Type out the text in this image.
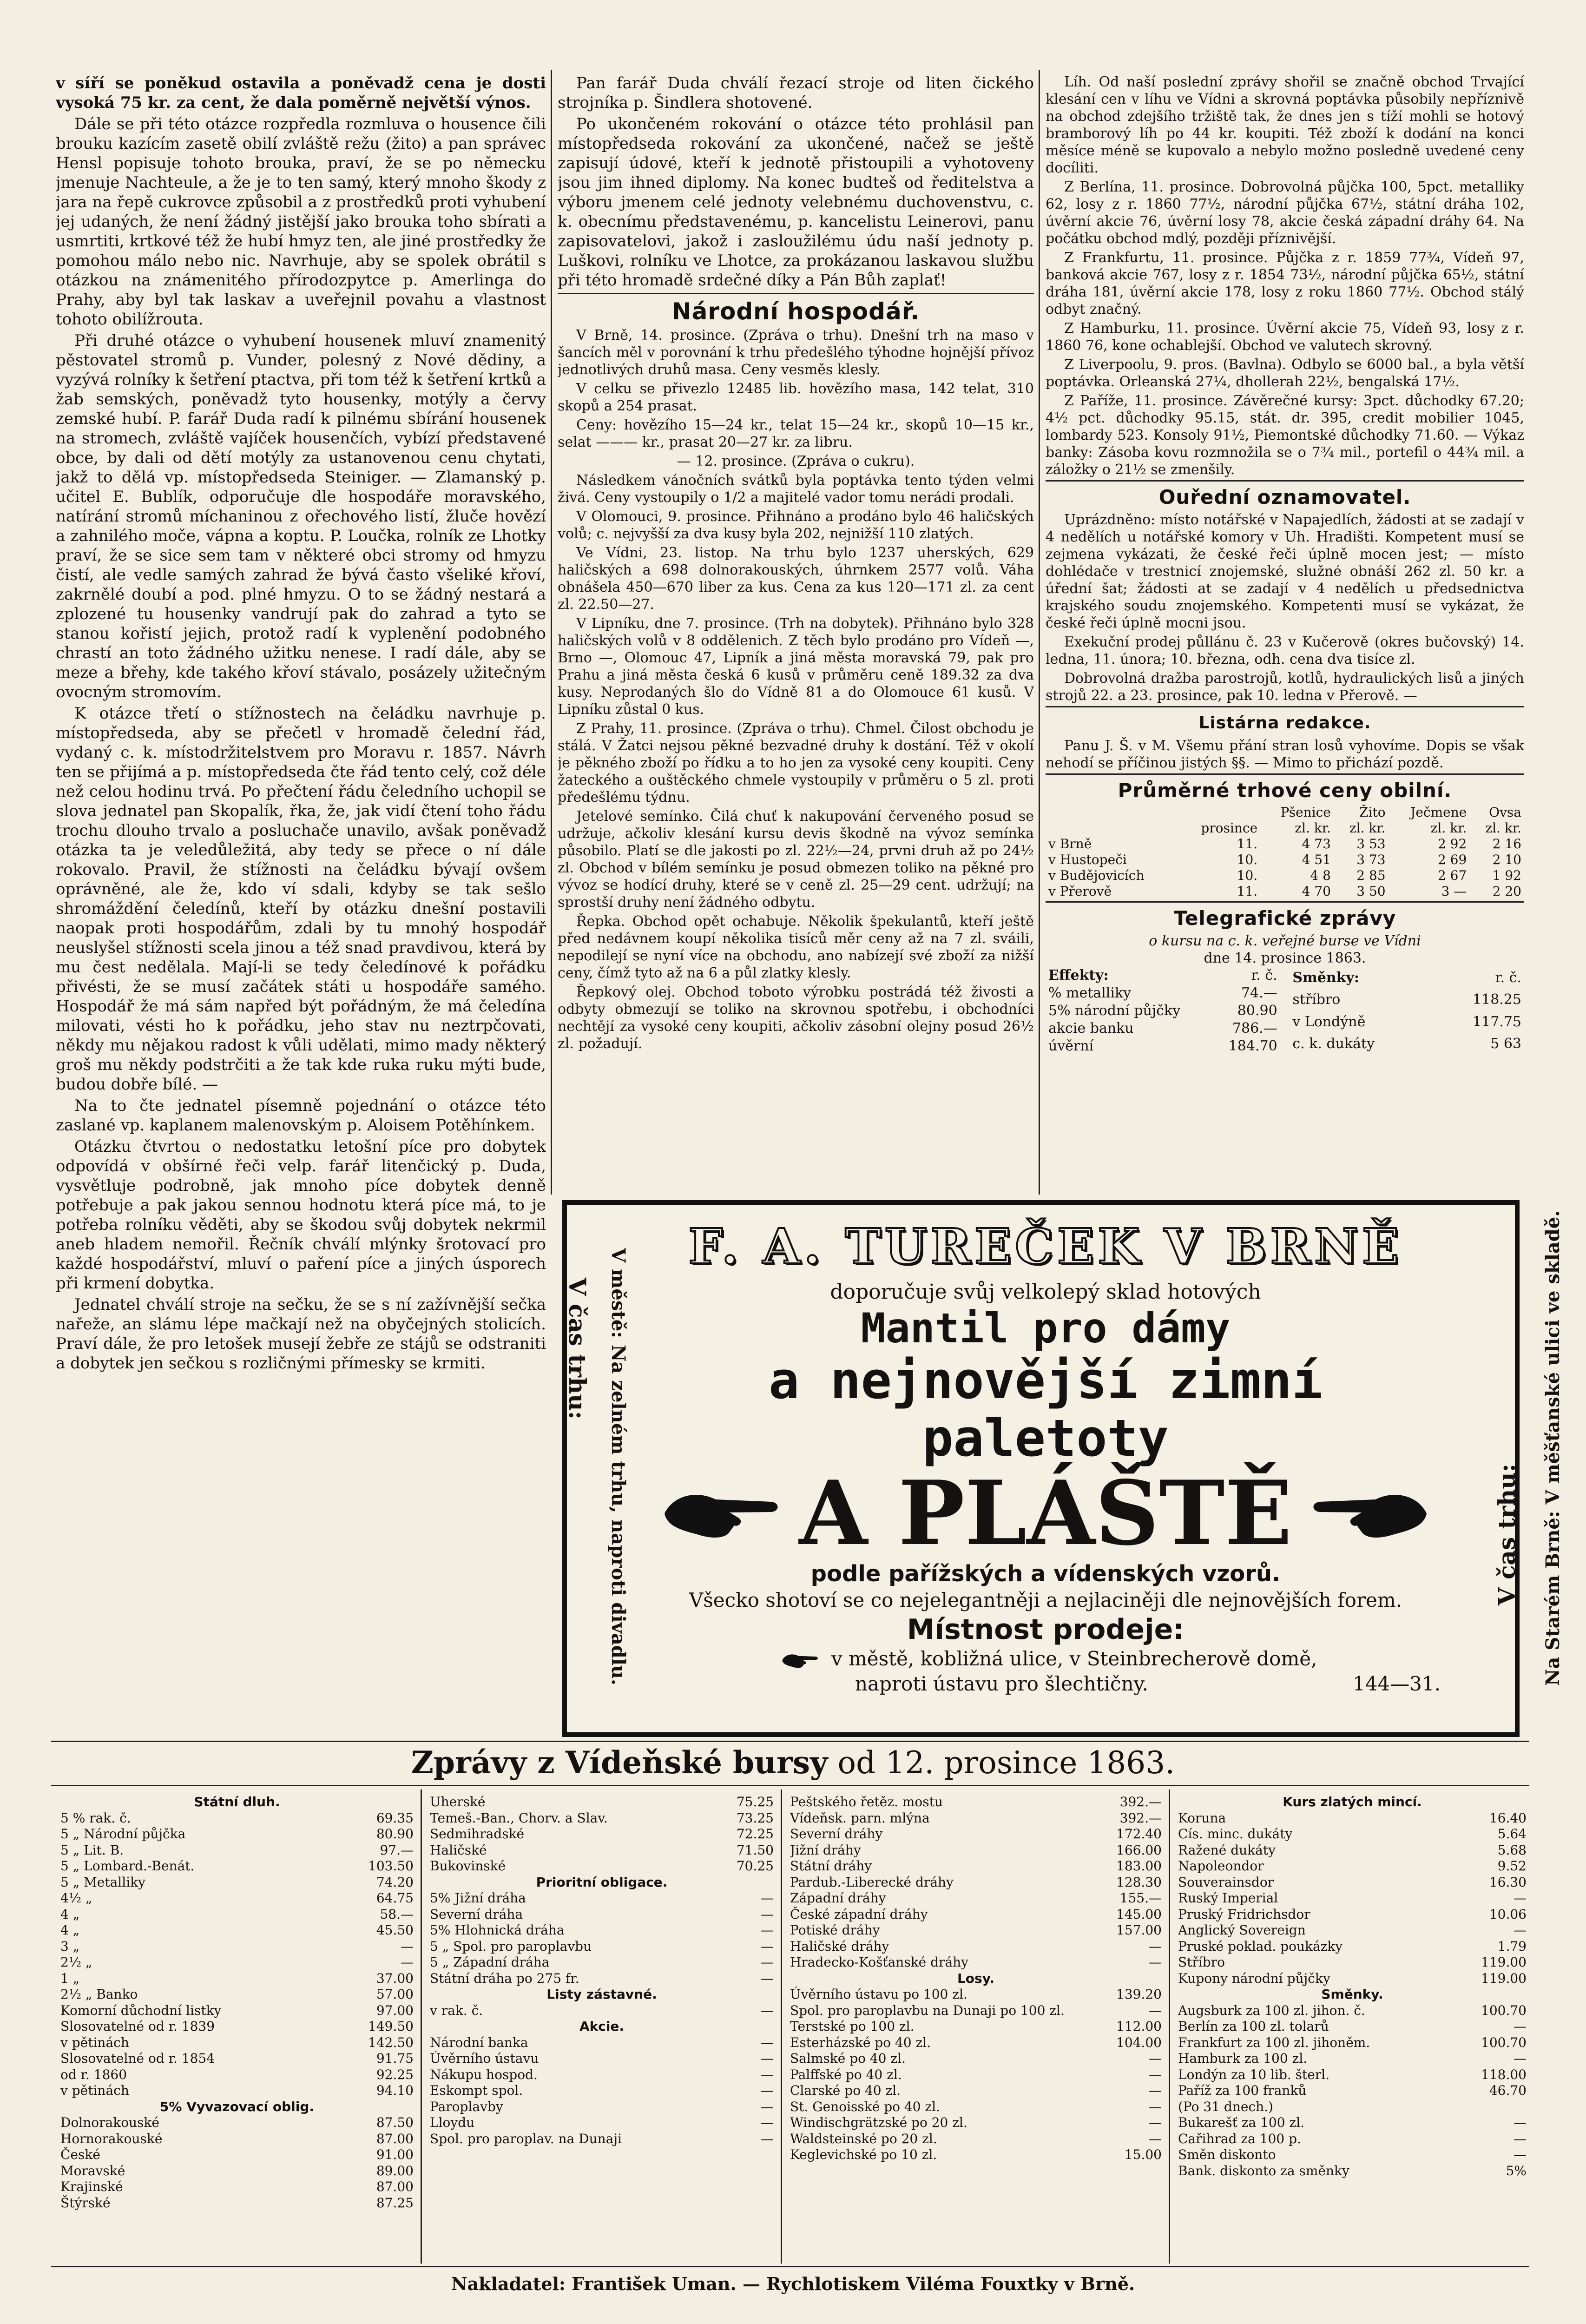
v síří se poněkud ostavila a poněvadž cena je dosti vysoká 75 kr. za cent, že dala poměrně největší výnos.

Dále se při této otázce rozpředla rozmluva o housence čili brouku kazícím zasetě obilí zvláště režu (žito) a pan správec Hensl popisuje tohoto brouka, praví, že se po německu jmenuje Nachteule, a že je to ten samý, který mnoho škody z jara na řepě cukrovce způsobil a z prostředků proti vyhubení jej udaných, že není žádný jistější jako brouka toho sbírati a usmrtiti, krtkové též že hubí hmyz ten, ale jiné prostředky že pomohou málo nebo nic. Navrhuje, aby se spolek obrátil s otázkou na známenitého přírodozpytce p. Amerlinga do Prahy, aby byl tak laskav a uveřejnil povahu a vlastnost tohoto obilížrouta.

Při druhé otázce o vyhubení housenek mluví znamenitý pěstovatel stromů p. Vunder, polesný z Nové dědiny, a vyzývá rolníky k šetření ptactva, při tom též k šetření krtků a žab semských, poněvadž tyto housenky, motýly a červy zemské hubí. P. farář Duda radí k pilnému sbírání housenek na stromech, zvláště vajíček housenčích, vybízí představené obce, by dali od dětí motýly za ustanovenou cenu chytati, jakž to dělá vp. místopředseda Steiniger. — Zlamanský p. učitel E. Bublík, odporučuje dle hospodáře moravského, natírání stromů míchaninou z ořechového listí, žluče hovězí a zahnilého moče, vápna a koptu. P. Loučka, rolník ze Lhotky praví, že se sice sem tam v některé obci stromy od hmyzu čistí, ale vedle samých zahrad že bývá často všeliké křoví, zakrnělé doubí a pod. plné hmyzu. O to se žádný nestará a zplozené tu housenky vandrují pak do zahrad a tyto se stanou kořistí jejich, protož radí k vyplenění podobného chrastí an toto žádného užitku nenese. I radí dále, aby se meze a břehy, kde takého křoví stávalo, posázely užitečným ovocným stromovím.

K otázce třetí o stížnostech na čeládku navrhuje p. místopředseda, aby se přečetl v hromadě čelední řád, vydaný c. k. místodržitelstvem pro Moravu r. 1857. Návrh ten se přijímá a p. místopředseda čte řád tento celý, což déle než celou hodinu trvá. Po přečtení řádu čeledního uchopil se slova jednatel pan Skopalík, řka, že, jak vidí čtení toho řádu trochu dlouho trvalo a posluchače unavilo, avšak poněvadž otázka ta je veledůležitá, aby tedy se přece o ní dále rokovalo. Pravil, že stížnosti na čeládku bývají ovšem oprávněné, ale že, kdo ví sdali, kdyby se tak sešlo shromáždění čeledínů, kteří by otázku dnešní postavili naopak proti hospodářům, zdali by tu mnohý hospodář neuslyšel stížnosti scela jinou a též snad pravdivou, která by mu čest nedělala. Mají-li se tedy čeledínové k pořádku přivésti, že se musí začátek státi u hospodáře samého. Hospodář že má sám napřed být pořádným, že má čeledína milovati, vésti ho k pořádku, jeho stav nu neztrpčovati, někdy mu nějakou radost k vůli udělati, mimo mady některý groš mu někdy podstrčiti a že tak kde ruka ruku mýti bude, budou dobře bílé. —

Na to čte jednatel písemně pojednání o otázce této zaslané vp. kaplanem malenovským p. Aloisem Potěhínkem.

Otázku čtvrtou o nedostatku letošní píce pro dobytek odpovídá v obšírné řeči velp. farář litenčický p. Duda, vysvětluje podrobně, jak mnoho píce dobytek denně potřebuje a pak jakou sennou hodnotu která píce má, to je potřeba rolníku věděti, aby se škodou svůj dobytek nekrmil aneb hladem nemořil. Řečník chválí mlýnky šrotovací pro každé hospodářství, mluví o paření píce a jiných úsporech při krmení dobytka.

Jednatel chválí stroje na sečku, že se s ní zažívnější sečka nařeže, an slámu lépe mačkají než na obyčejných stolicích. Praví dále, že pro letošek musejí žebře ze stájů se odstraniti a dobytek jen sečkou s rozličnými přímesky se krmiti.

Pan farář Duda chválí řezací stroje od liten čického strojníka p. Šindlera shotovené.

Po ukončeném rokování o otázce této prohlásil pan místopředseda rokování za ukončené, načež se ještě zapisují údové, kteří k jednotě přistoupili a vyhotoveny jsou jim ihned diplomy. Na konec budteš od ředitelstva a výboru jmenem celé jednoty velebnému duchovenstvu, c. k. obecnímu představenému, p. kancelistu Leinerovi, panu zapisovatelovi, jakož i zasloužilému údu naší jednoty p. Luškovi, rolníku ve Lhotce, za prokázanou laskavou službu při této hromadě srdečné díky a Pán Bůh zaplať!

Národní hospodář.

V Brně, 14. prosince. (Zpráva o trhu). Dnešní trh na maso v šancích měl v porovnání k trhu předešlého týhodne hojnější přívoz jednotlivých druhů masa. Ceny vesměs klesly.

V celku se přivezlo 12485 lib. hovězího masa, 142 telat, 310 skopů a 254 prasat.

Ceny: hovězího 15—24 kr., telat 15—24 kr., skopů 10—15 kr., selat ——— kr., prasat 20—27 kr. za libru.

— 12. prosince. (Zpráva o cukru).

Následkem vánočních svátků byla poptávka tento týden velmi živá. Ceny vystoupily o 1/2 a majitelé vador tomu nerádi prodali.

V Olomouci, 9. prosince. Přihnáno a prodáno bylo 46 haličských volů; c. nejvyšší za dva kusy byla 202, nejnižší 110 zlatých.

Ve Vídni, 23. listop. Na trhu bylo 1237 uherských, 629 haličských a 698 dolnorakouských, úhrnkem 2577 volů. Váha obnášela 450—670 liber za kus. Cena za kus 120—171 zl. za cent zl. 22.50—27.

V Lipníku, dne 7. prosince. (Trh na dobytek). Přihnáno bylo 328 haličských volů v 8 oddělenich. Z těch bylo prodáno pro Vídeň —, Brno —, Olomouc 47, Lipník a jiná města moravská 79, pak pro Prahu a jiná města česká 6 kusů v průměru ceně 189.32 za dva kusy. Neprodaných šlo do Vídně 81 a do Olomouce 61 kusů. V Lipníku zůstal 0 kus.

Z Prahy, 11. prosince. (Zpráva o trhu). Chmel. Čilost obchodu je stálá. V Žatci nejsou pěkné bezvadné druhy k dostání. Též v okolí je pěkného zboží po řídku a to ho jen za vysoké ceny koupiti. Ceny žateckého a ouštěckého chmele vystoupily v průměru o 5 zl. proti předešlému týdnu.

Jetelové semínko. Čilá chuť k nakupování červeného posud se udržuje, ačkoliv klesání kursu devis škodně na vývoz semínka působilo. Platí se dle jakosti po zl. 22½—24, prvni druh až po 24½ zl. Obchod v bílém semínku je posud obmezen toliko na pěkné pro vývoz se hodící druhy, které se v ceně zl. 25—29 cent. udržují; na sprostší druhy není žádného odbytu.

Řepka. Obchod opět ochabuje. Několik špekulantů, kteří ještě před nedávnem koupí několika tisíců měr ceny až na 7 zl. sváili, nepodilejí se nyní více na obchodu, ano nabízejí své zboží za nižší ceny, čímž tyto až na 6 a půl zlatky klesly.

Řepkový olej. Obchod toboto výrobku postrádá též živosti a odbyty obmezují se toliko na skrovnou spotřebu, i obchodníci nechtějí za vysoké ceny koupiti, ačkoliv zásobní olejny posud 26½ zl. požadují.

Líh. Od naší poslední zprávy shořil se značně obchod Trvající klesání cen v líhu ve Vídni a skrovná poptávka působily nepříznivě na obchod zdejšího tržiště tak, že dnes jen s tíží mohli se hotový bramborový líh po 44 kr. koupiti. Též zboží k dodání na konci měsíce méně se kupovalo a nebylo možno posledně uvedené ceny docíliti.

Z Berlína, 11. prosince. Dobrovolná půjčka 100, 5pct. metalliky 62, losy z r. 1860 77½, národní půjčka 67½, státní dráha 102, úvěrní akcie 76, úvěrní losy 78, akcie česká západní dráhy 64. Na počátku obchod mdlý, později příznivější.

Z Frankfurtu, 11. prosince. Půjčka z r. 1859 77¾, Vídeň 97, banková akcie 767, losy z r. 1854 73½, národní půjčka 65½, státní dráha 181, úvěrní akcie 178, losy z roku 1860 77½. Obchod stálý odbyt značný.

Z Hamburku, 11. prosince. Úvěrní akcie 75, Vídeň 93, losy z r. 1860 76, kone ochablejší. Obchod ve valutech skrovný.

Z Liverpoolu, 9. pros. (Bavlna). Odbylo se 6000 bal., a byla větší poptávka. Orleanská 27¼, dhollerah 22½, bengalská 17½.

Z Paříže, 11. prosince. Závěrečné kursy: 3pct. důchodky 67.20; 4½ pct. důchodky 95.15, stát. dr. 395, credit mobilier 1045, lombardy 523. Konsoly 91½, Piemontské důchodky 71.60. — Výkaz banky: Zásoba kovu rozmnožila se o 7¾ mil., portefil o 44¾ mil. a záložky o 21½ se zmenšily.

Ouřední oznamovatel.

Uprázdněno: místo notářské v Napajedlích, žádosti at se zadají v 4 nedělích u notářské komory v Uh. Hradišti. Kompetent musí se zejmena vykázati, že české řeči úplně mocen jest; — místo dohlédače v trestnicí znojemské, služné obnáší 262 zl. 50 kr. a úřední šat; žádosti at se zadají v 4 nedělích u předsednictva krajského soudu znojemského. Kompetenti musí se vykázat, že české řeči úplně mocni jsou.

Exekuční prodej půllánu č. 23 v Kučerově (okres bučovský) 14. ledna, 11. února; 10. března, odh. cena dva tisíce zl.

Dobrovolná dražba parostrojů, kotlů, hydraulických lisů a jiných strojů 22. a 23. prosince, pak 10. ledna v Přerově. —

Listárna redakce.

Panu J. Š. v M. Všemu přání stran losů vyhovíme. Dopis se však nehodí se příčinou jistých §§. — Mimo to přichází pozdě.

Průměrné trhové ceny obilní.
		Pšenice	Žito	Ječmene	Ovsa
	prosince	zl. kr.	zl. kr.	zl. kr.	zl. kr.
v Brně	11.	4 73	3 53	2 92	2 16
v Hustopeči	10.	4 51	3 73	2 69	2 10
v Budějovicích	10.	4 8	2 85	2 67	1 92
v Přerově	11.	4 70	3 50	3 —	2 20
Telegrafické zprávy
o kursu na c. k. veřejné burse ve Vídni
dne 14. prosince 1863.
Effekty:	r. č.
% metalliky	74.—
5% národní půjčky	80.90
akcie banku	786.—
úvěrní	184.70
Směnky:	r. č.
stříbro	118.25
v Londýně	117.75
c. k. dukáty	5 63
V čas trhu: V městě: Na zelném trhu, naproti divadlu.	V čas trhu: Na Starém Brně: V měšťanské ulici ve skladě.
F. A. TUREČEK V BRNĚ
doporučuje svůj velkolepý sklad hotových
Mantil pro dámy
a nejnovější zimní paletoty
A PLÁŠTĚ
podle pařížských a vídenských vzorů.
Všecko shotoví se co nejelegantněji a nejlaciněji dle nejnovějších forem.
Místnost prodeje:
v městě, kobližná ulice, v Steinbrecherově domě,
naproti ústavu pro šlechtičny.	144—31.
Zprávy z Vídeňské bursy od 12. prosince 1863.
Státní dluh.
5 % rak. č.	69.35
5 „ Národní půjčka	80.90
5 „ Lit. B.	97.—
5 „ Lombard.-Benát.	103.50
5 „ Metalliky	74.20
4½ „	64.75
4 „	58.—
4 „	45.50
3 „	—
2½ „	—
1 „	37.00
2½ „ Banko	57.00
Komorní důchodní listky	97.00
Slosovatelné od r. 1839	149.50
v pětinách	142.50
Slosovatelné od r. 1854	91.75
od r. 1860	92.25
v pětinách	94.10
5% Vyvazovací oblig.
Dolnorakouské	87.50
Hornorakouské	87.00
České	91.00
Moravské	89.00
Krajinské	87.00
Štýrské	87.25
Uherské	75.25
Temeš.-Ban., Chorv. a Slav.	73.25
Sedmihradské	72.25
Haličské	71.50
Bukovinské	70.25
Prioritní obligace.
5% Jižní dráha	—
Severní dráha	—
5% Hlohnická dráha	—
5 „ Spol. pro paroplavbu	—
5 „ Západní dráha	—
Státní dráha po 275 fr.	—
Listy zástavné.
v rak. č.	—
Akcie.
Národní banka	—
Úvěrního ústavu	—
Nákupu hospod.	—
Eskompt spol.	—
Paroplavby	—
Lloydu	—
Spol. pro paroplav. na Dunaji	—
Peštského řetěz. mostu	392.—
Vídeňsk. parn. mlýna	392.—
Severní dráhy	172.40
Jižní dráhy	166.00
Státní dráhy	183.00
Pardub.-Liberecké dráhy	128.30
Západní dráhy	155.—
České západní dráhy	145.00
Potiské dráhy	157.00
Haličské dráhy	—
Hradecko-Košťanské dráhy	—
Losy.
Úvěrního ústavu po 100 zl.	139.20
Spol. pro paroplavbu na Dunaji po 100 zl.	—
Terstské po 100 zl.	112.00
Esterházské po 40 zl.	104.00
Salmské po 40 zl.	—
Palffské po 40 zl.	—
Clarské po 40 zl.	—
St. Genoisské po 40 zl.	—
Windischgrätzské po 20 zl.	—
Waldsteinské po 20 zl.	—
Keglevichské po 10 zl.	15.00
Kurs zlatých mincí.
Koruna	16.40
Cís. minc. dukáty	5.64
Ražené dukáty	5.68
Napoleondor	9.52
Souverainsdor	16.30
Ruský Imperial	—
Pruský Fridrichsdor	10.06
Anglický Sovereign	—
Pruské poklad. poukázky	1.79
Stříbro	119.00
Kupony národní půjčky	119.00
Směnky.
Augsburk za 100 zl. jihon. č.	100.70
Berlín za 100 zl. tolarů	—
Frankfurt za 100 zl. jihoněm.	100.70
Hamburk za 100 zl.	—
Londýn za 10 lib. šterl.	118.00
Paříž za 100 franků	46.70
(Po 31 dnech.)
Bukarešť za 100 zl.	—
Cařihrad za 100 p.	—
Směn diskonto	—
Bank. diskonto za směnky	5%
Nakladatel: František Uman. — Rychlotiskem Viléma Fouxtky v Brně.
